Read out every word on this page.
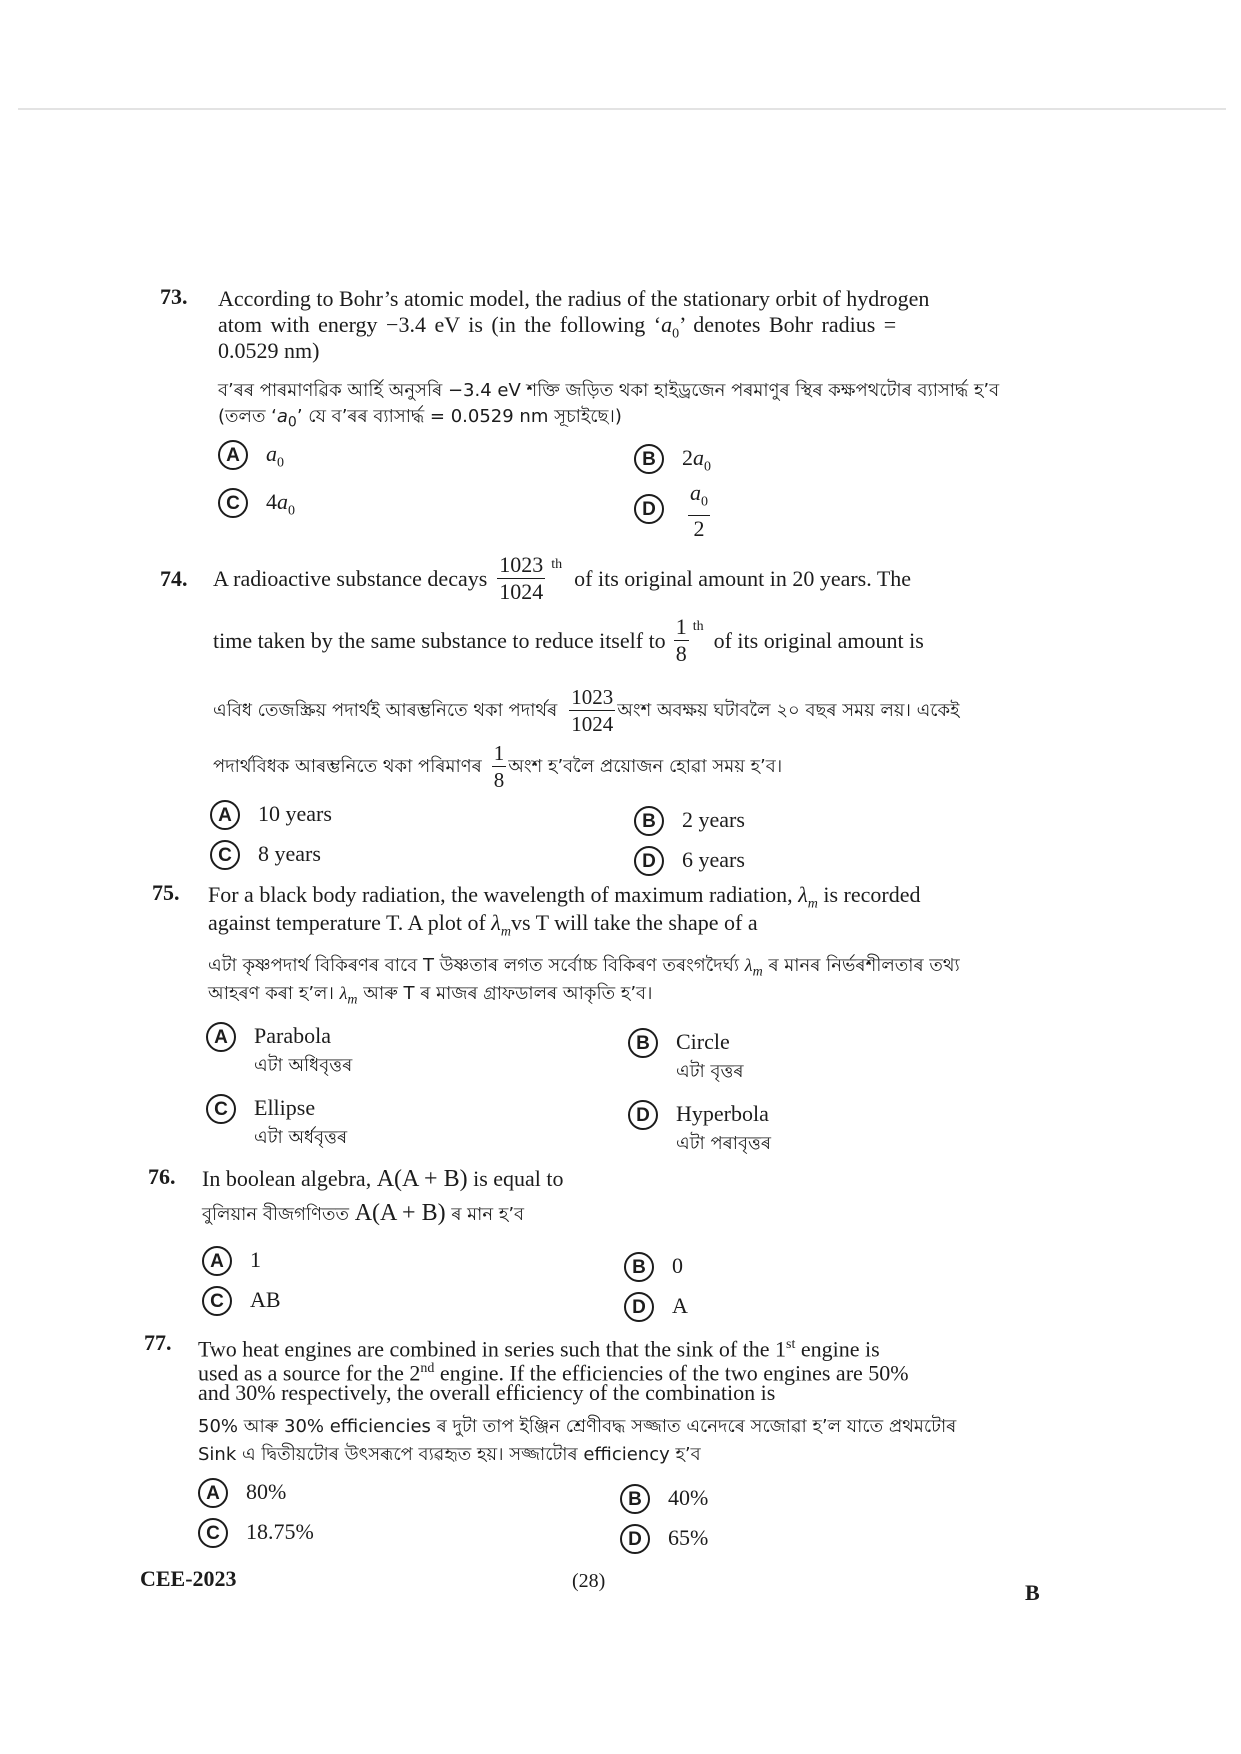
73. According to Bohr’s atomic model, the radius of the stationary orbit of hydrogen
atom with energy −3.4 eV is (in the following ‘$a_0$’ denotes Bohr radius =
0.0529 nm)
ব’ৰৰ পাৰমাণৱিক আৰ্হি অনুসৰি −3.4 eV শক্তি জড়িত থকা হাইড্ৰজেন পৰমাণুৰ স্থিৰ কক্ষপথটোৰ ব্যাসাৰ্দ্ধ হ’ব
(তলত ‘$a_0$’ যে ব’ৰৰ ব্যাসাৰ্দ্ধ = 0.0529 nm সূচাইছে।)
A	$a_0$	B	$2a_0$
C	$4a_0$	D	$\frac{a_0}{2}$
74. A radioactive substance decays $\frac{1023}{1024}$ th
of its original amount in 20 years. The
time taken by the same substance to reduce itself to $\frac{1}{8}$ th
of its original amount is
এবিধ তেজস্ক্ৰিয় পদাৰ্থই আৰম্ভনিতে থকা পদাৰ্থৰ $\frac{1023}{1024}$ অংশ অবক্ষয় ঘটাবলৈ ২০ বছৰ সময় লয়। একেই
পদাৰ্থবিধক আৰম্ভনিতে থকা পৰিমাণৰ $\frac{1}{8}$ অংশ হ’বলৈ প্ৰয়োজন হোৱা সময় হ’ব।
A	10 years	B	2 years
C	8 years	D	6 years
75. For a black body radiation, the wavelength of maximum radiation, $\lambda_m$ is recorded
against temperature T. A plot of $\lambda_mvs$ T will take the shape of a
এটা কৃষ্ণপদাৰ্থ বিকিৰণৰ বাবে T উষ্ণতাৰ লগত সৰ্বোচ্চ বিকিৰণ তৰংগদৈৰ্ঘ্য $\lambda_m$ ৰ মানৰ নিৰ্ভৰশীলতাৰ তথ্য
আহৰণ কৰা হ’ল। $\lambda_m$ আৰু T ৰ মাজৰ গ্ৰাফডালৰ আকৃতি হ’ব।
A	Parabola
এটা অধিবৃত্তৰ
B	Circle
এটা বৃত্তৰ
C	Ellipse
এটা অৰ্ধবৃত্তৰ
D	Hyperbola
এটা পৰাবৃত্তৰ
76. In boolean algebra, A(A + B) is equal to
বুলিয়ান বীজগণিতত A(A + B) ৰ মান হ’ব
A	1	B	0
C	AB	D	A
77. Two heat engines are combined in series such that the sink of the 1st engine is
used as a source for the 2nd engine. If the efficiencies of the two engines are 50%
and 30% respectively, the overall efficiency of the combination is
50% আৰু 30% efficiencies ৰ দুটা তাপ ইঞ্জিন শ্ৰেণীবদ্ধ সজ্জাত এনেদৰে সজোৱা হ’ল যাতে প্ৰথমটোৰ
Sink এ দ্বিতীয়টোৰ উৎসৰূপে ব্যৱহৃত হয়। সজ্জাটোৰ efficiency হ’ব
A	80%	B	40%
C	18.75%	D	65%
CEE-2023	(28)	B
